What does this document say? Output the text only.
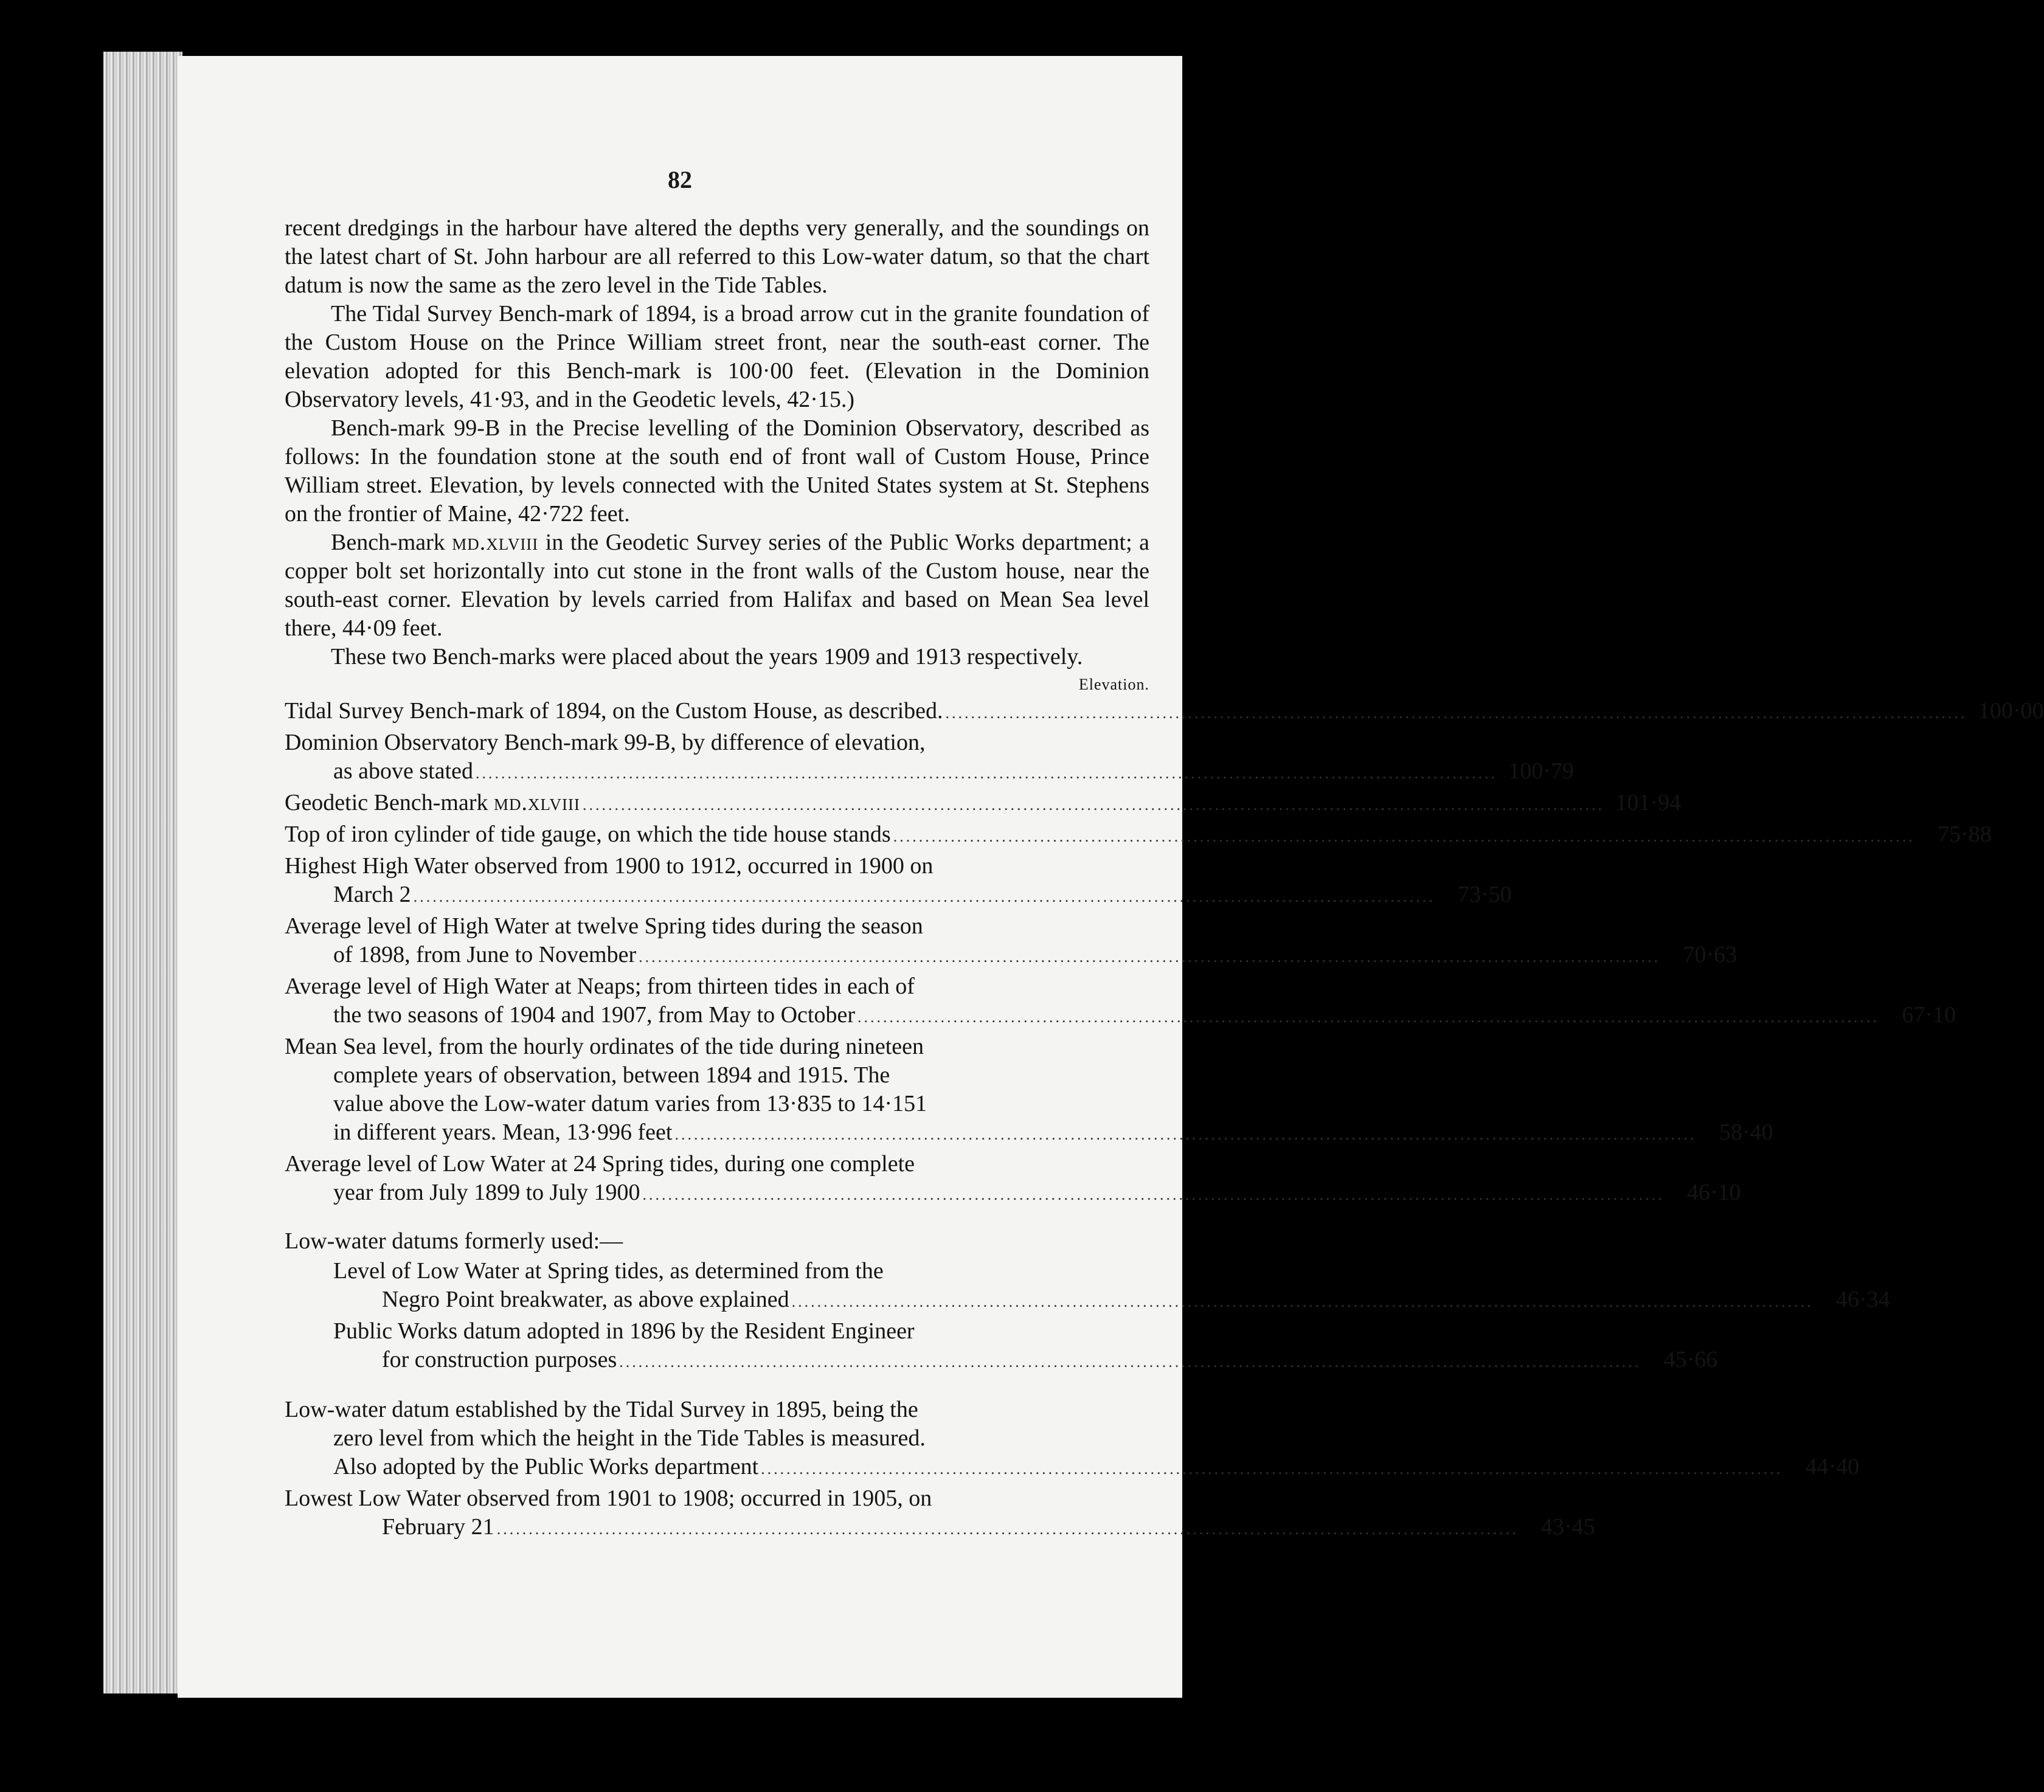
82

recent dredgings in the harbour have altered the depths very generally, and the soundings on the latest chart of St. John harbour are all referred to this Low-water datum, so that the chart datum is now the same as the zero level in the Tide Tables.

The Tidal Survey Bench-mark of 1894, is a broad arrow cut in the granite foundation of the Custom House on the Prince William street front, near the south-east corner. The elevation adopted for this Bench-mark is 100·00 feet. (Elevation in the Dominion Observatory levels, 41·93, and in the Geodetic levels, 42·15.)

Bench-mark 99-B in the Precise levelling of the Dominion Observatory, described as follows: In the foundation stone at the south end of front wall of Custom House, Prince William street. Elevation, by levels connected with the United States system at St. Stephens on the frontier of Maine, 42·722 feet.

Bench-mark md.xlviii in the Geodetic Survey series of the Public Works department; a copper bolt set horizontally into cut stone in the front walls of the Custom house, near the south-east corner. Elevation by levels carried from Halifax and based on Mean Sea level there, 44·09 feet.

These two Bench-marks were placed about the years 1909 and 1913 respectively.

Elevation.
Tidal Survey Bench-mark of 1894, on the Custom House, as described. ................................................................................................................................................................ 100·00
Dominion Observatory Bench-mark 99-B, by difference of elevation,
as above stated ................................................................................................................................................................ 100·79
Geodetic Bench-mark md.xlviii ................................................................................................................................................................ 101·94
Top of iron cylinder of tide gauge, on which the tide house stands ................................................................................................................................................................ 75·88
Highest High Water observed from 1900 to 1912, occurred in 1900 on
March 2 ................................................................................................................................................................ 73·50
Average level of High Water at twelve Spring tides during the season
of 1898, from June to November ................................................................................................................................................................ 70·63
Average level of High Water at Neaps; from thirteen tides in each of
the two seasons of 1904 and 1907, from May to October ................................................................................................................................................................ 67·10
Mean Sea level, from the hourly ordinates of the tide during nineteen
complete years of observation, between 1894 and 1915. The
value above the Low-water datum varies from 13·835 to 14·151
in different years. Mean, 13·996 feet ................................................................................................................................................................ 58·40
Average level of Low Water at 24 Spring tides, during one complete
year from July 1899 to July 1900 ................................................................................................................................................................ 46·10
Low-water datums formerly used:—
Level of Low Water at Spring tides, as determined from the
Negro Point breakwater, as above explained ................................................................................................................................................................ 46·34
Public Works datum adopted in 1896 by the Resident Engineer
for construction purposes ................................................................................................................................................................ 45·66
Low-water datum established by the Tidal Survey in 1895, being the
zero level from which the height in the Tide Tables is measured.
Also adopted by the Public Works department ................................................................................................................................................................ 44·40
Lowest Low Water observed from 1901 to 1908; occurred in 1905, on
February 21 ................................................................................................................................................................ 43·45
